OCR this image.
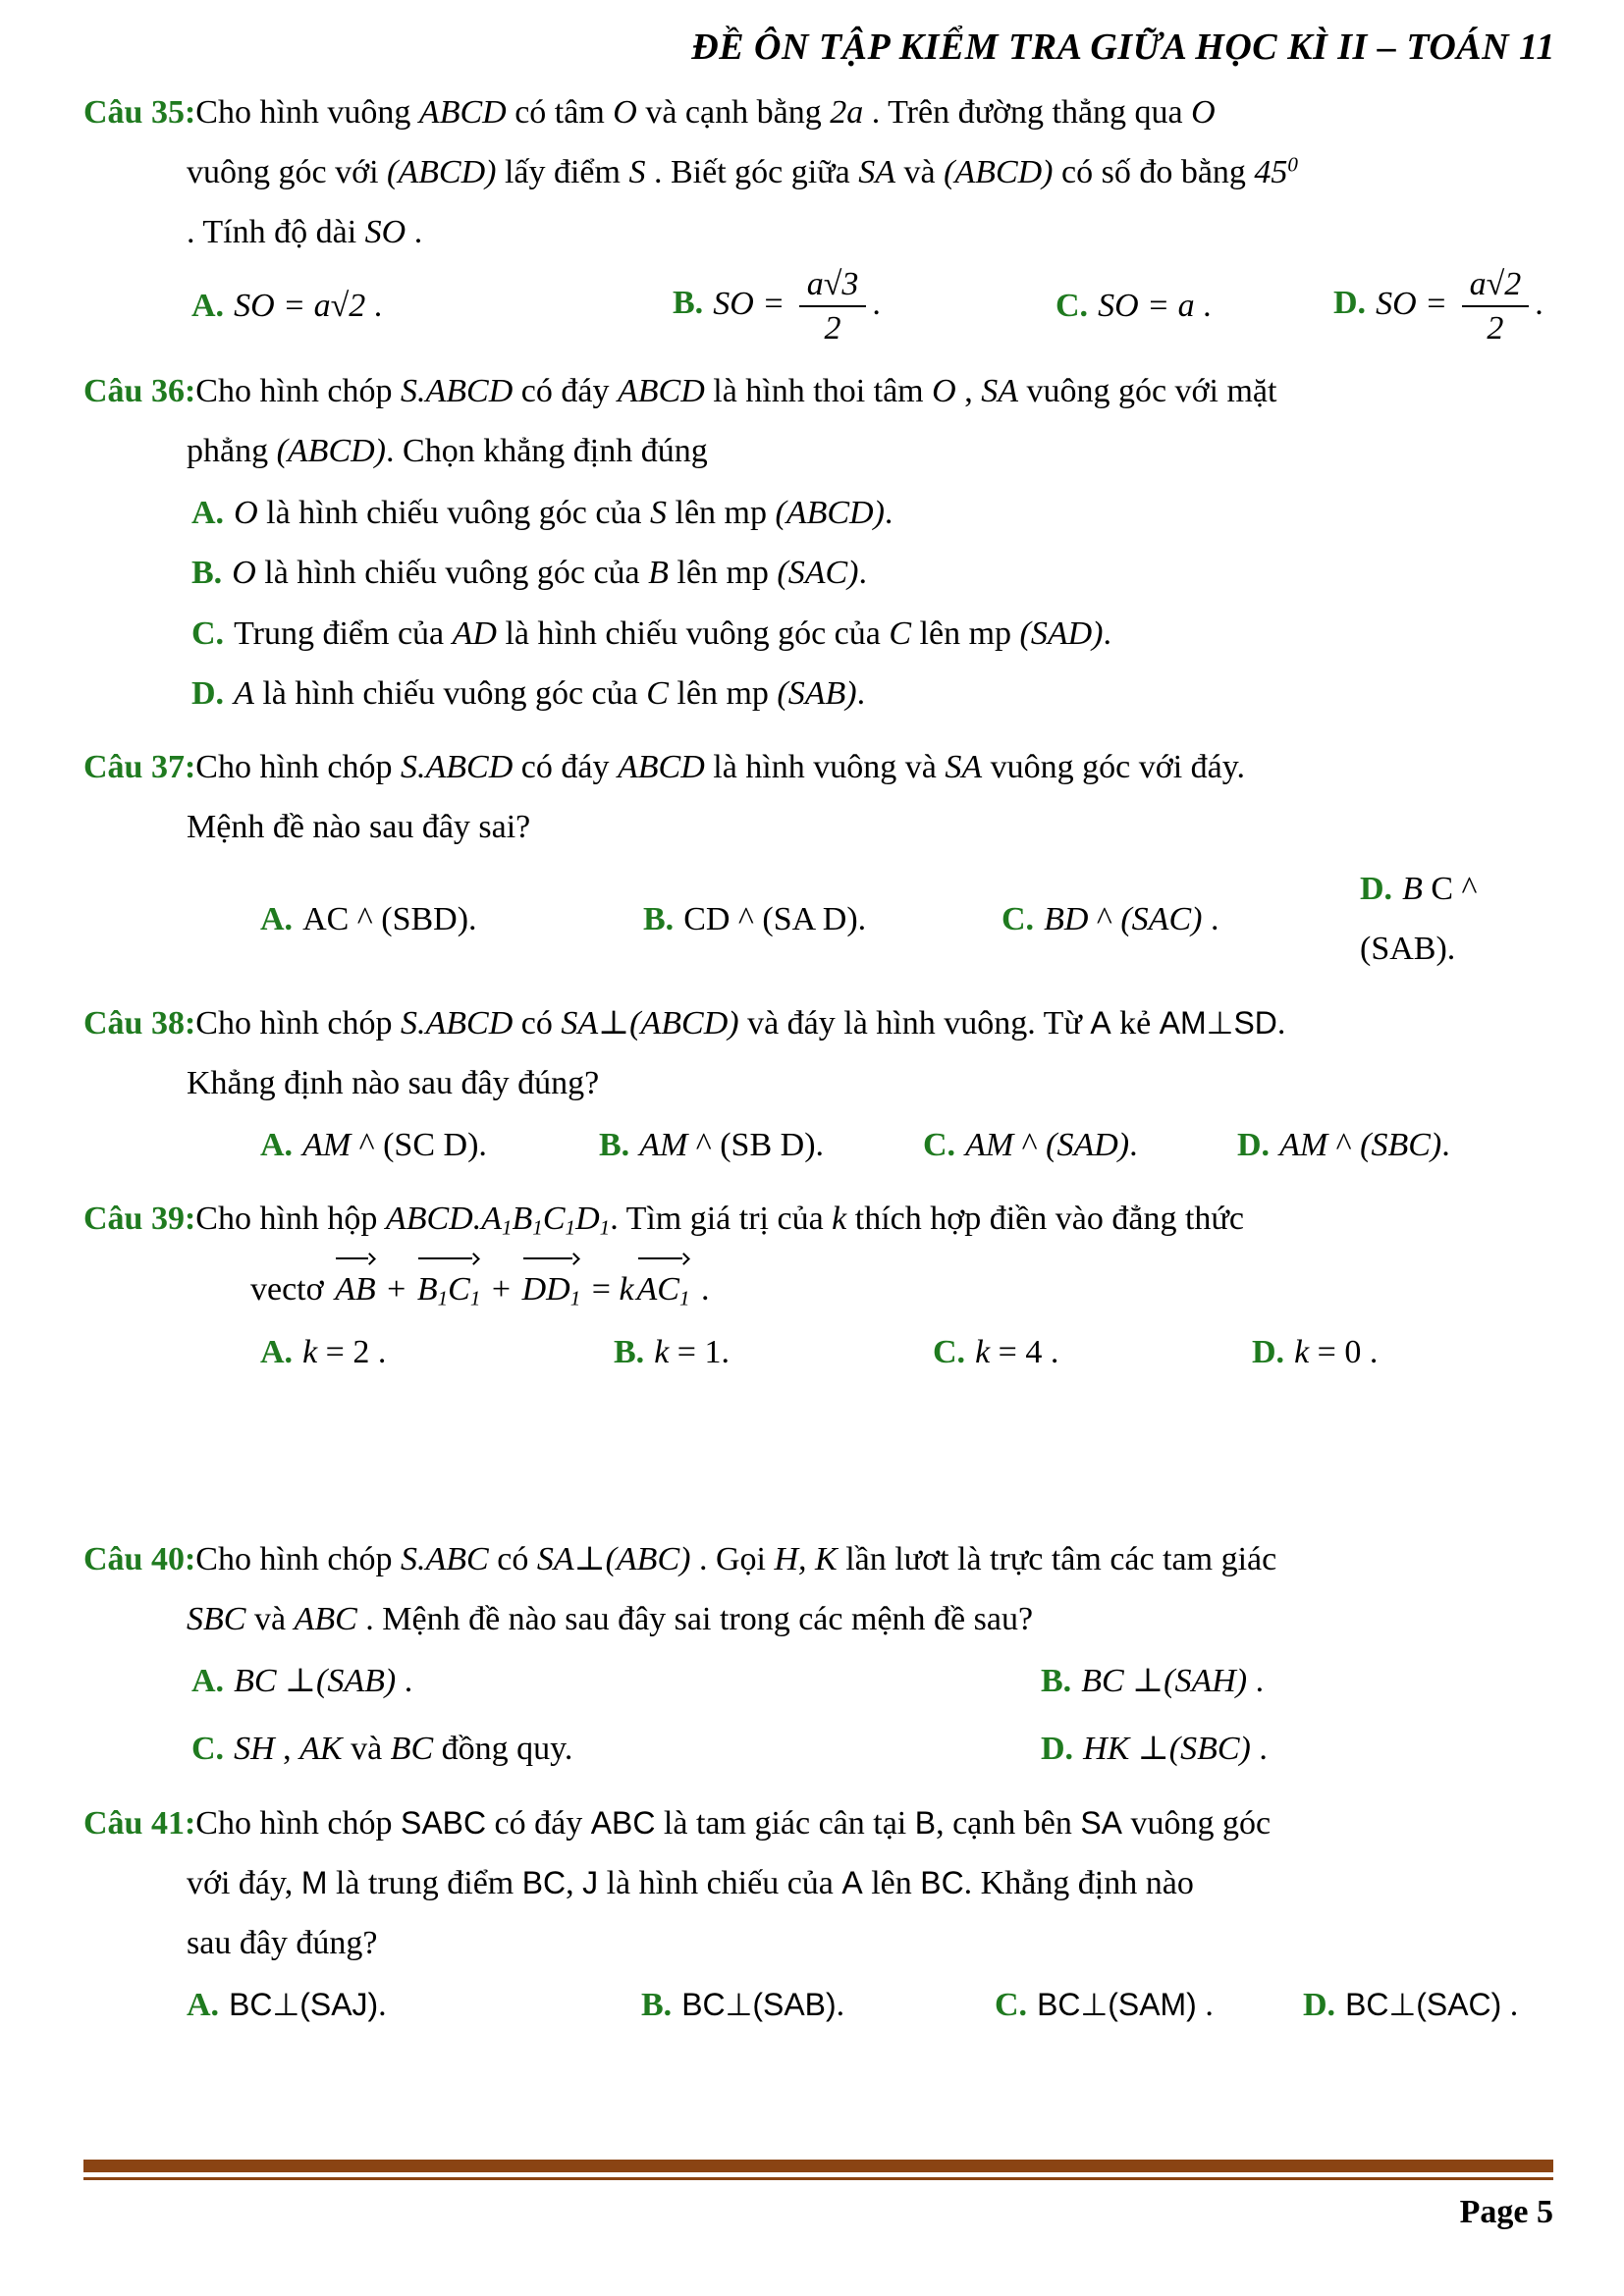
ĐỀ ÔN TẬP KIỂM TRA GIỮA HỌC KÌ II – TOÁN 11

Câu 35:Cho hình vuông ABCD có tâm O và cạnh bằng 2a . Trên đường thẳng qua O
vuông góc với (ABCD) lấy điểm S . Biết góc giữa SA và (ABCD) có số đo bằng $45^0$
. Tính độ dài SO .

A. SO = a√2 .	B. SO = $\frac{a√3}{2}$ .	C. SO = a .	D. SO = $\frac{a√2}{2}$ .

Câu 36:Cho hình chóp S.ABCD có đáy ABCD là hình thoi tâm O , SA vuông góc với mặt
phẳng (ABCD). Chọn khẳng định đúng

A. O là hình chiếu vuông góc của S lên mp (ABCD).
B. O là hình chiếu vuông góc của B lên mp (SAC).
C. Trung điểm của AD là hình chiếu vuông góc của C lên mp (SAD).
D. A là hình chiếu vuông góc của C lên mp (SAB).

Câu 37:Cho hình chóp S.ABCD có đáy ABCD là hình vuông và SA vuông góc với đáy.
Mệnh đề nào sau đây sai?

A. AC ^ (SBD).	B. CD ^ (SA D).	C. BD ^ (SAC) .
D. B C ^ (SAB).

Câu 38:Cho hình chóp S.ABCD có SA⊥(ABCD) và đáy là hình vuông. Từ A kẻ AM⊥SD.
Khẳng định nào sau đây đúng?

A. AM ^ (SC D).	B. AM ^ (SB D).	C. AM ^ (SAD).	D. AM ^ (SBC).

Câu 39:Cho hình hộp $ABCD.A_1B_1C_1D_1$. Tìm giá trị của k thích hợp điền vào đẳng thức

vectơ AB + $B_1C_1 + DD_1 = kAC_1$ .
A. k = 2 .	B. k = 1.	C. k = 4 .	D. k = 0 .

Câu 40:Cho hình chóp S.ABC có SA⊥(ABC) . Gọi H, K lần lươt là trực tâm các tam giác
SBC và ABC . Mệnh đề nào sau đây sai trong các mệnh đề sau?

A. BC ⊥(SAB) .	B. BC ⊥(SAH) .
C. SH , AK và BC đồng quy.	D. HK ⊥(SBC) .

Câu 41:Cho hình chóp SABC có đáy ABC là tam giác cân tại B, cạnh bên SA vuông góc
với đáy, M là trung điểm BC, J là hình chiếu của A lên BC. Khẳng định nào
sau đây đúng?

A. BC⊥(SAJ).	B. BC⊥(SAB).	C. BC⊥(SAM) .	D. BC⊥(SAC) .
Page 5
